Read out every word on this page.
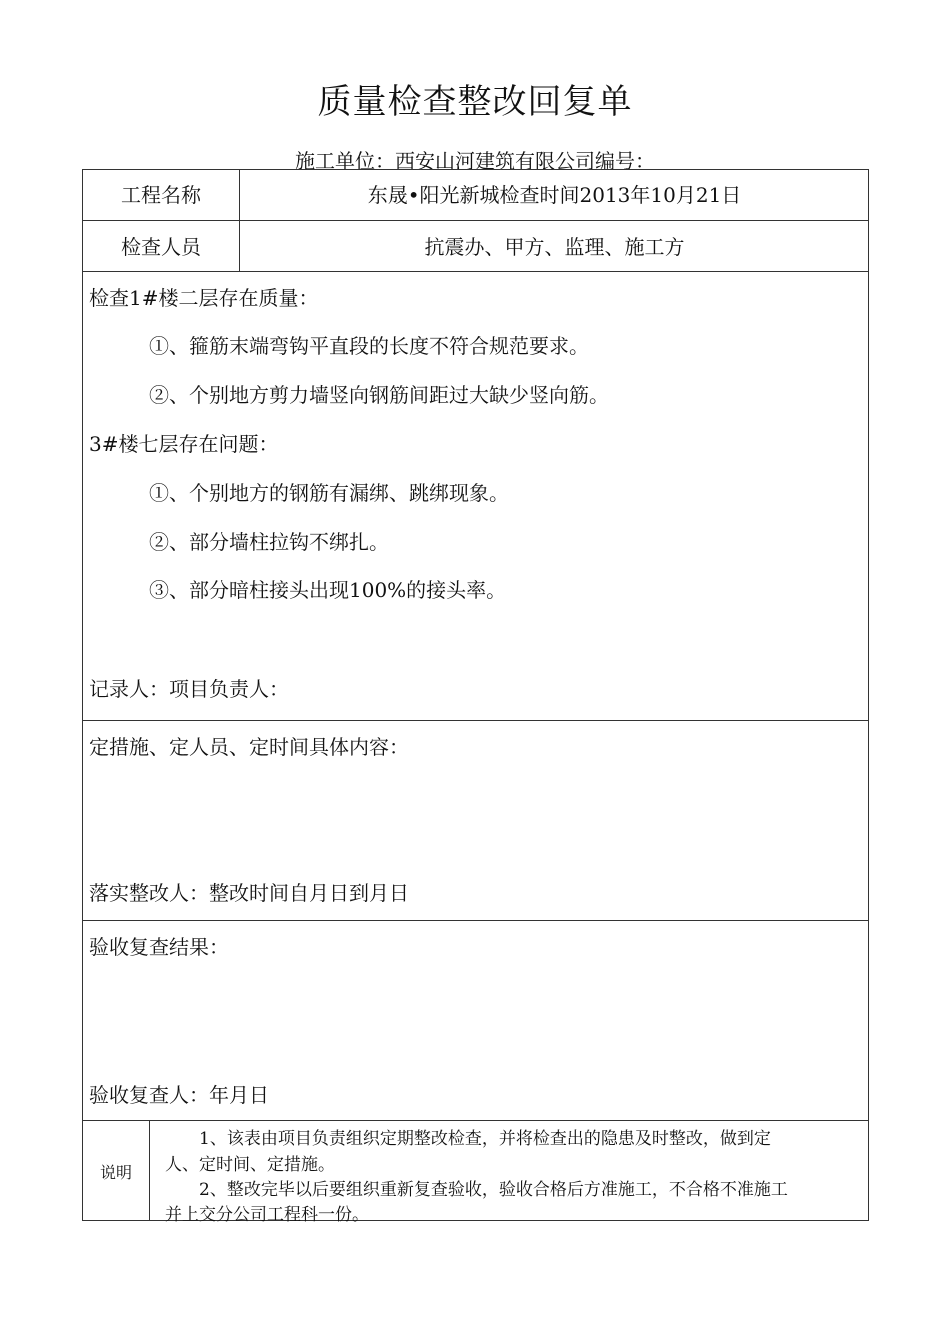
质量检查整改回复单
施工单位：西安山河建筑有限公司编号：
工程名称	东晟•阳光新城检查时间2013年10月21日
检查人员	抗震办、甲方、监理、施工方
检查1#楼二层存在质量：
①、箍筋末端弯钩平直段的长度不符合规范要求。
②、个别地方剪力墙竖向钢筋间距过大缺少竖向筋。
3#楼七层存在问题：
①、个别地方的钢筋有漏绑、跳绑现象。
②、部分墙柱拉钩不绑扎。
③、部分暗柱接头出现100%的接头率。
记录人：项目负责人：
定措施、定人员、定时间具体内容：
落实整改人：整改时间自月日到月日
验收复查结果：
验收复查人：年月日
说明
1、该表由项目负责组织定期整改检查，并将检查出的隐患及时整改，做到定
人、定时间、定措施。
2、整改完毕以后要组织重新复查验收，验收合格后方准施工，不合格不准施工
并上交分公司工程科一份。
